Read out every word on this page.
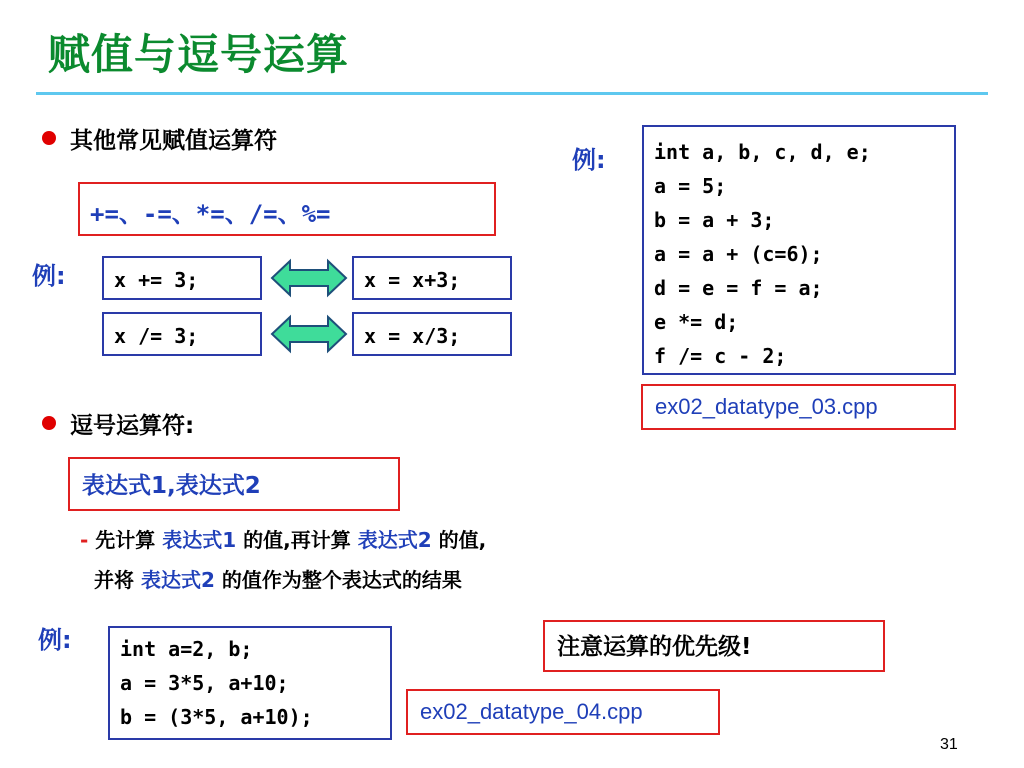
赋值与逗号运算
其他常见赋值运算符
+=、-=、*=、/=、%=
例:	x += 3;	x = x+3;
x /= 3;	x = x/3;
例: int a, b, c, d, e;
a = 5;
b = a + 3;
a = a + (c=6);
d = e = f = a;
e *= d;
f /= c - 2;
ex02_datatype_03.cpp
逗号运算符:
表达式1,表达式2
- 先计算 表达式1 的值,再计算 表达式2 的值,
并将 表达式2 的值作为整个表达式的结果
例: int a=2, b;
a = 3*5, a+10;
b = (3*5, a+10);
注意运算的优先级!
ex02_datatype_04.cpp
31
